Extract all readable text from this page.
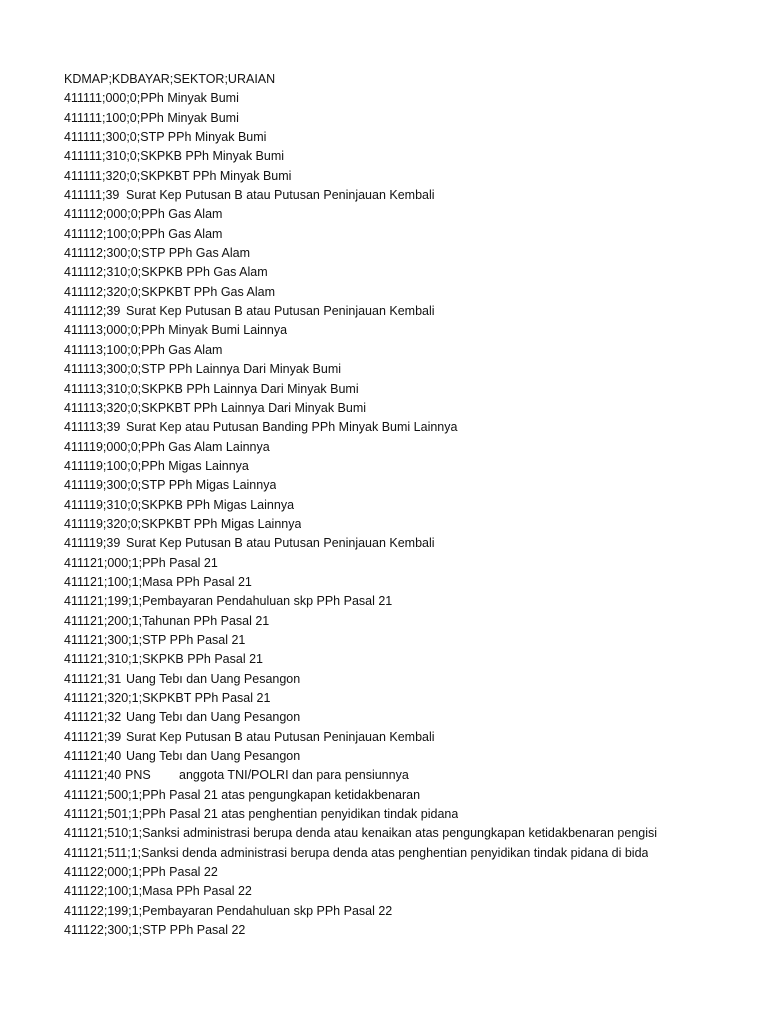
KDMAP;KDBAYAR;SEKTOR;URAIAN
411111;000;0;PPh Minyak Bumi
411111;100;0;PPh Minyak Bumi
411111;300;0;STP PPh Minyak Bumi
411111;310;0;SKPKB PPh Minyak Bumi
411111;320;0;SKPKBT PPh Minyak Bumi
411111;39 Surat Kep Putusan B atau Putusan Peninjauan Kembali
411112;000;0;PPh Gas Alam
411112;100;0;PPh Gas Alam
411112;300;0;STP PPh Gas Alam
411112;310;0;SKPKB PPh Gas Alam
411112;320;0;SKPKBT PPh Gas Alam
411112;39 Surat Kep Putusan B atau Putusan Peninjauan Kembali
411113;000;0;PPh Minyak Bumi Lainnya
411113;100;0;PPh Gas Alam
411113;300;0;STP PPh Lainnya Dari Minyak Bumi
411113;310;0;SKPKB PPh Lainnya Dari Minyak Bumi
411113;320;0;SKPKBT PPh Lainnya Dari Minyak Bumi
411113;39 Surat Kep atau Putusan Banding PPh Minyak Bumi Lainnya
411119;000;0;PPh Gas Alam Lainnya
411119;100;0;PPh Migas Lainnya
411119;300;0;STP PPh Migas Lainnya
411119;310;0;SKPKB PPh Migas Lainnya
411119;320;0;SKPKBT PPh Migas Lainnya
411119;39 Surat Kep Putusan B atau Putusan Peninjauan Kembali
411121;000;1;PPh Pasal 21
411121;100;1;Masa PPh Pasal 21
411121;199;1;Pembayaran Pendahuluan skp PPh Pasal 21
411121;200;1;Tahunan PPh Pasal 21
411121;300;1;STP PPh Pasal 21
411121;310;1;SKPKB PPh Pasal 21
411121;31 Uang Tebı dan Uang Pesangon
411121;320;1;SKPKBT PPh Pasal 21
411121;32 Uang Tebı dan Uang Pesangon
411121;39 Surat Kep Putusan B atau Putusan Peninjauan Kembali
411121;40 Uang Tebı dan Uang Pesangon
411121;40 PNS anggota TNI/POLRI dan para pensiunnya
411121;500;1;PPh Pasal 21 atas pengungkapan ketidakbenaran
411121;501;1;PPh Pasal 21 atas penghentian penyidikan tindak pidana
411121;510;1;Sanksi administrasi berupa denda atau kenaikan atas pengungkapan ketidakbenaran pengisi
411121;511;1;Sanksi denda administrasi berupa denda atas penghentian penyidikan tindak pidana di bida
411122;000;1;PPh Pasal 22
411122;100;1;Masa PPh Pasal 22
411122;199;1;Pembayaran Pendahuluan skp PPh Pasal 22
411122;300;1;STP PPh Pasal 22
